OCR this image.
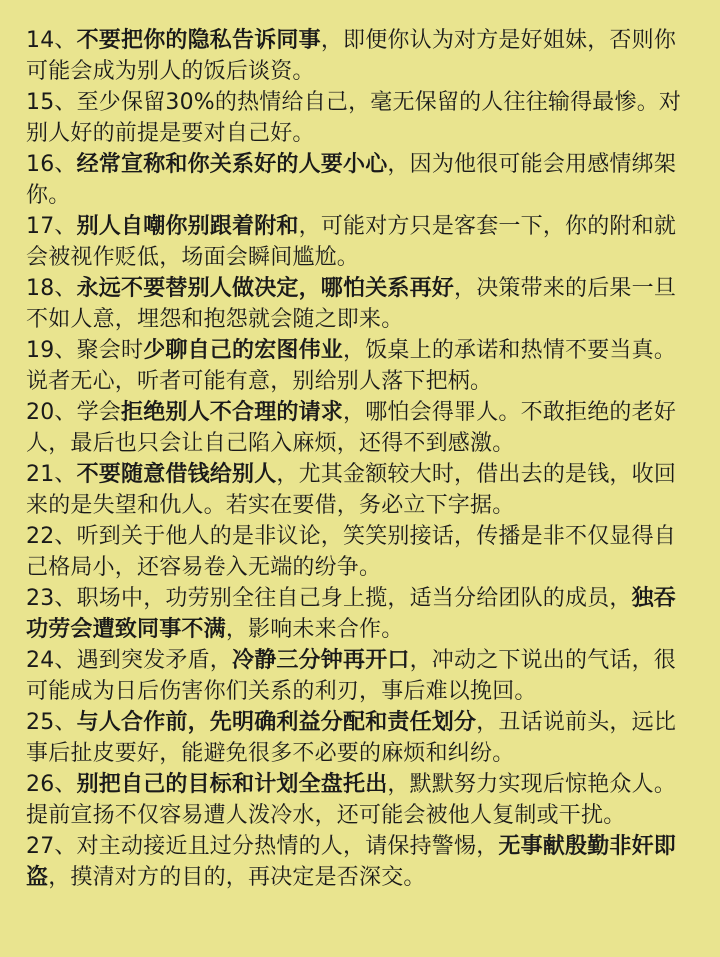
14、不要把你的隐私告诉同事，即便你认为对方是好姐妹，否则你可能会成为别人的饭后谈资。

15、至少保留30%的热情给自己，毫无保留的人往往输得最惨。对别人好的前提是要对自己好。

16、经常宣称和你关系好的人要小心，因为他很可能会用感情绑架你。

17、别人自嘲你别跟着附和，可能对方只是客套一下，你的附和就会被视作贬低，场面会瞬间尴尬。

18、永远不要替别人做决定，哪怕关系再好，决策带来的后果一旦不如人意，埋怨和抱怨就会随之即来。

19、聚会时少聊自己的宏图伟业，饭桌上的承诺和热情不要当真。说者无心，听者可能有意，别给别人落下把柄。

20、学会拒绝别人不合理的请求，哪怕会得罪人。不敢拒绝的老好人，最后也只会让自己陷入麻烦，还得不到感激。

21、不要随意借钱给别人，尤其金额较大时，借出去的是钱，收回来的是失望和仇人。若实在要借，务必立下字据。

22、听到关于他人的是非议论，笑笑别接话，传播是非不仅显得自己格局小，还容易卷入无端的纷争。

23、职场中，功劳别全往自己身上揽，适当分给团队的成员，独吞功劳会遭致同事不满，影响未来合作。

24、遇到突发矛盾，冷静三分钟再开口，冲动之下说出的气话，很可能成为日后伤害你们关系的利刃，事后难以挽回。

25、与人合作前，先明确利益分配和责任划分，丑话说前头，远比事后扯皮要好，能避免很多不必要的麻烦和纠纷。

26、别把自己的目标和计划全盘托出，默默努力实现后惊艳众人。提前宣扬不仅容易遭人泼冷水，还可能会被他人复制或干扰。

27、对主动接近且过分热情的人，请保持警惕，无事献殷勤非奸即盗，摸清对方的目的，再决定是否深交。
